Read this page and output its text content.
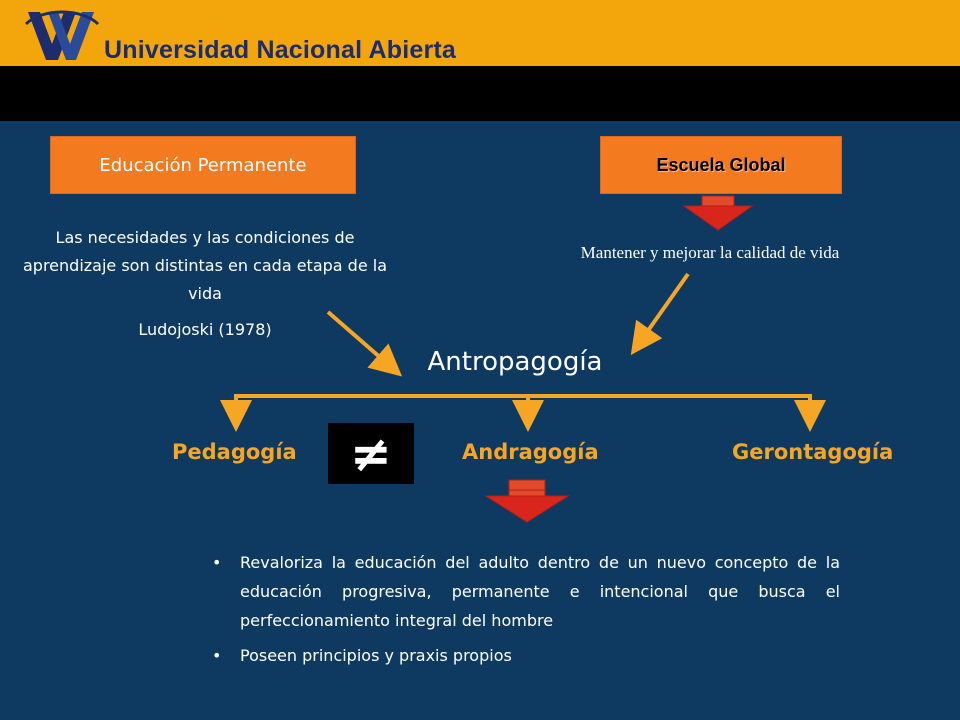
Universidad Nacional Abierta
Educación Permanente	Escuela Global
Las necesidades y las condiciones de aprendizaje son distintas en cada etapa de la vida
Ludojoski (1978)
Mantener y mejorar la calidad de vida
Antropagogía
Pedagogía ≠	Andragogía	Gerontagogía
• Revaloriza la educación del adulto dentro de un nuevo concepto de la educación progresiva, permanente e intencional que busca el perfeccionamiento integral del hombre
• Poseen principios y praxis propios
